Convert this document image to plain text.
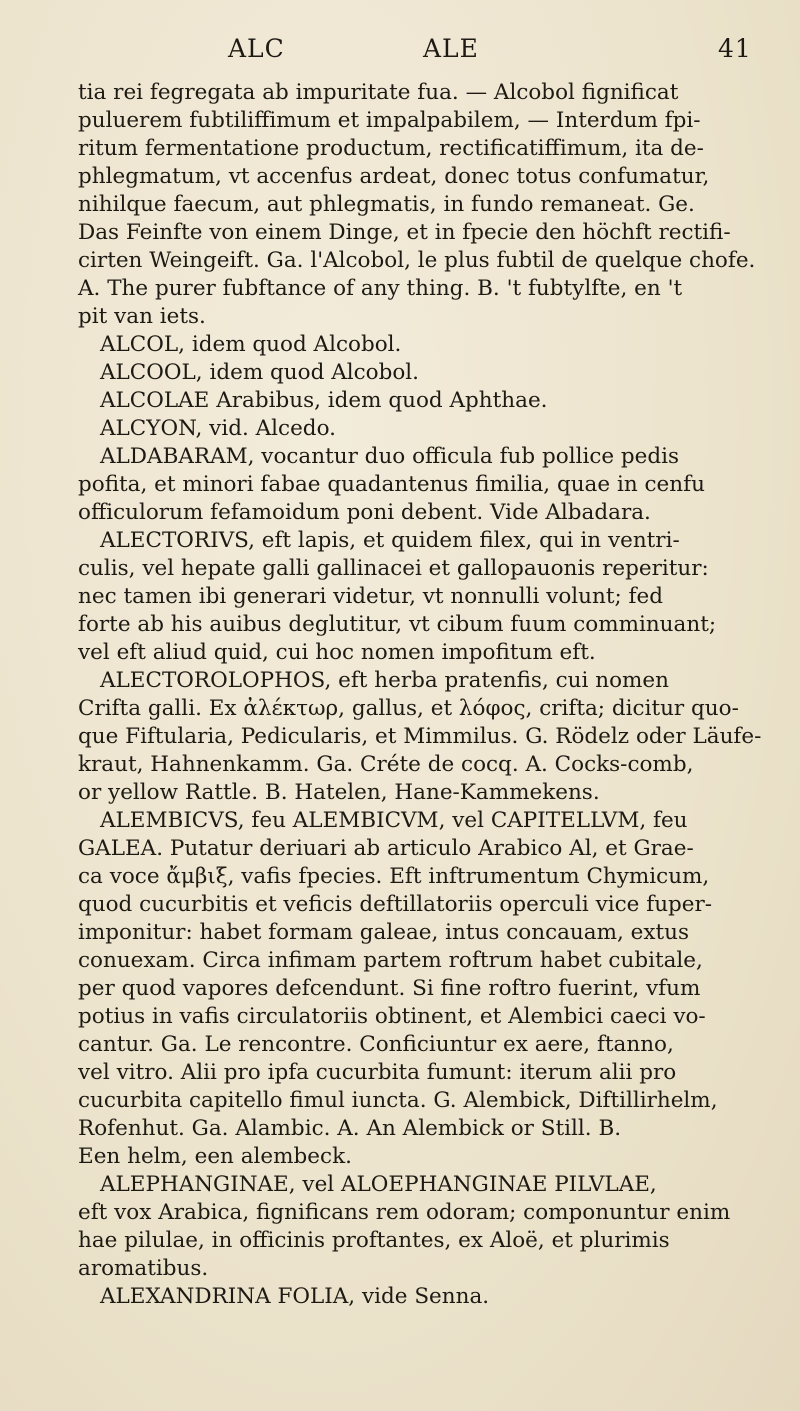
ALC	ALE	41
tia rei fegregata ab impuritate fua. — Alcobol fignificat
puluerem fubtiliffimum et impalpabilem, — Interdum fpi-
ritum fermentatione productum, rectificatiffimum, ita de-
phlegmatum, vt accenfus ardeat, donec totus confumatur,
nihilque faecum, aut phlegmatis, in fundo remaneat. Ge.
Das Feinfte von einem Dinge, et in fpecie den höchft rectifi-
cirten Weingeift. Ga. l'Alcobol, le plus fubtil de quelque chofe.
A. The purer fubftance of any thing. B. 't fubtylfte, en 't
pit van iets.
ALCOL, idem quod Alcobol.
ALCOOL, idem quod Alcobol.
ALCOLAE Arabibus, idem quod Aphthae.
ALCYON, vid. Alcedo.
ALDABARAM, vocantur duo officula fub pollice pedis
pofita, et minori fabae quadantenus fimilia, quae in cenfu
officulorum fefamoidum poni debent. Vide Albadara.
ALECTORIVS, eft lapis, et quidem filex, qui in ventri-
culis, vel hepate galli gallinacei et gallopauonis reperitur:
nec tamen ibi generari videtur, vt nonnulli volunt; fed
forte ab his auibus deglutitur, vt cibum fuum comminuant;
vel eft aliud quid, cui hoc nomen impofitum eft.
ALECTOROLOPHOS, eft herba pratenfis, cui nomen
Crifta galli. Ex ἀλέκτωρ, gallus, et λόφος, crifta; dicitur quo-
que Fiftularia, Pedicularis, et Mimmilus. G. Rödelz oder Läufe-
kraut, Hahnenkamm. Ga. Créte de cocq. A. Cocks-comb,
or yellow Rattle. B. Hatelen, Hane-Kammekens.
ALEMBICVS, feu ALEMBICVM, vel CAPITELLVM, feu
GALEA. Putatur deriuari ab articulo Arabico Al, et Grae-
ca voce ἄμβιξ, vafis fpecies. Eft inftrumentum Chymicum,
quod cucurbitis et veficis deftillatoriis operculi vice fuper-
imponitur: habet formam galeae, intus concauam, extus
conuexam. Circa infimam partem roftrum habet cubitale,
per quod vapores defcendunt. Si fine roftro fuerint, vfum
potius in vafis circulatoriis obtinent, et Alembici caeci vo-
cantur. Ga. Le rencontre. Conficiuntur ex aere, ftanno,
vel vitro. Alii pro ipfa cucurbita fumunt: iterum alii pro
cucurbita capitello fimul iuncta. G. Alembick, Diftillirhelm,
Rofenhut. Ga. Alambic. A. An Alembick or Still. B.
Een helm, een alembeck.
ALEPHANGINAE, vel ALOEPHANGINAE PILVLAE,
eft vox Arabica, fignificans rem odoram; componuntur enim
hae pilulae, in officinis proftantes, ex Aloë, et plurimis
aromatibus.
ALEXANDRINA FOLIA, vide Senna.
